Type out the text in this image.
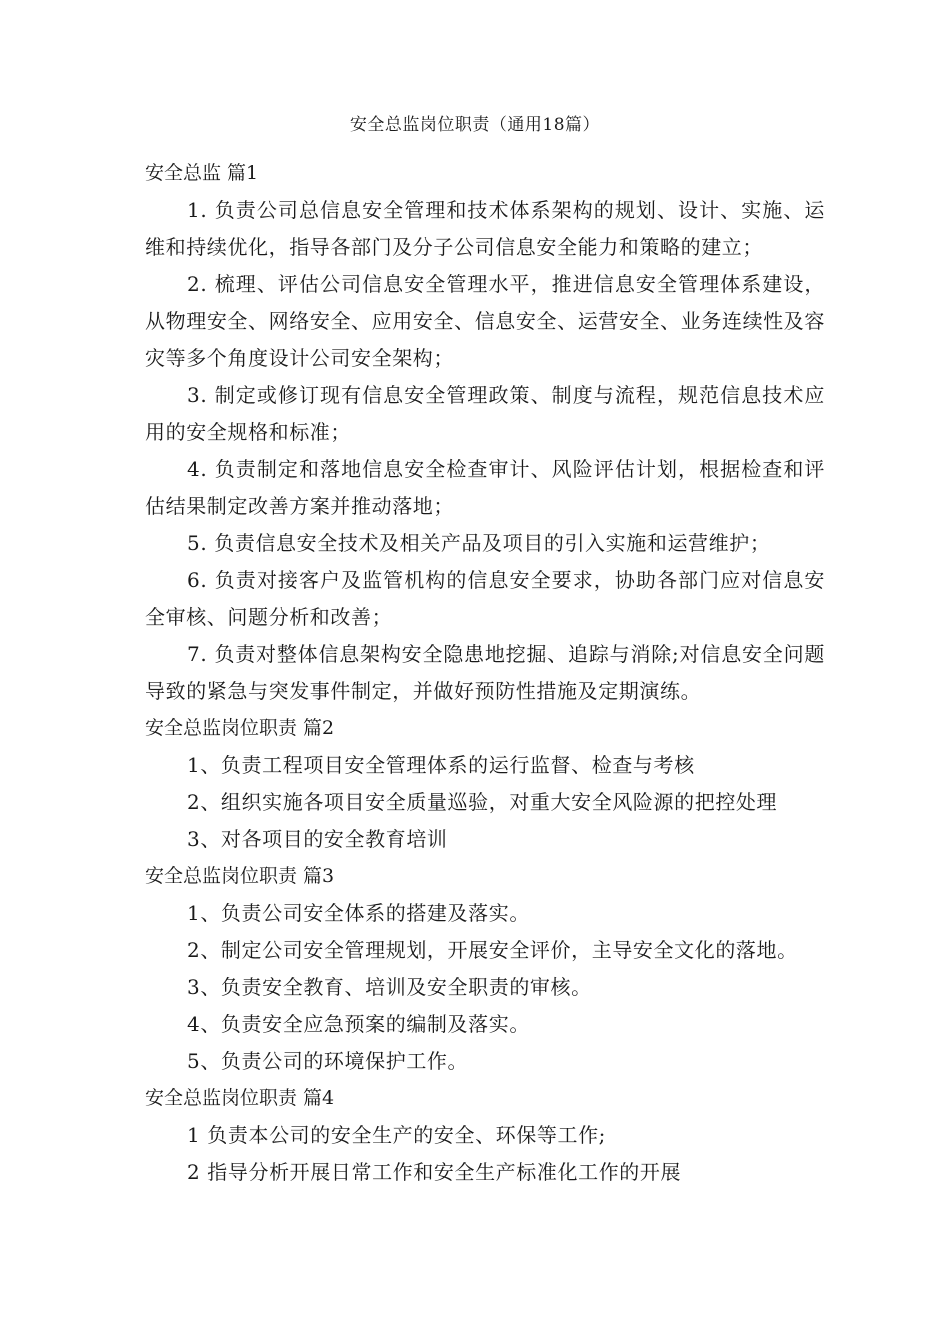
安全总监岗位职责（通用18篇）
安全总监 篇1

1. 负责公司总信息安全管理和技术体系架构的规划、设计、实施、运维和持续优化，指导各部门及分子公司信息安全能力和策略的建立；

2. 梳理、评估公司信息安全管理水平，推进信息安全管理体系建设，从物理安全、网络安全、应用安全、信息安全、运营安全、业务连续性及容灾等多个角度设计公司安全架构；

3. 制定或修订现有信息安全管理政策、制度与流程，规范信息技术应用的安全规格和标准；

4. 负责制定和落地信息安全检查审计、风险评估计划，根据检查和评估结果制定改善方案并推动落地；

5. 负责信息安全技术及相关产品及项目的引入实施和运营维护；

6. 负责对接客户及监管机构的信息安全要求，协助各部门应对信息安全审核、问题分析和改善；

7. 负责对整体信息架构安全隐患地挖掘、追踪与消除;对信息安全问题导致的紧急与突发事件制定，并做好预防性措施及定期演练。

安全总监岗位职责 篇2

1、负责工程项目安全管理体系的运行监督、检查与考核

2、组织实施各项目安全质量巡验，对重大安全风险源的把控处理

3、对各项目的安全教育培训

安全总监岗位职责 篇3

1、负责公司安全体系的搭建及落实。

2、制定公司安全管理规划，开展安全评价，主导安全文化的落地。

3、负责安全教育、培训及安全职责的审核。

4、负责安全应急预案的编制及落实。

5、负责公司的环境保护工作。

安全总监岗位职责 篇4

1 负责本公司的安全生产的安全、环保等工作;

2 指导分析开展日常工作和安全生产标准化工作的开展
